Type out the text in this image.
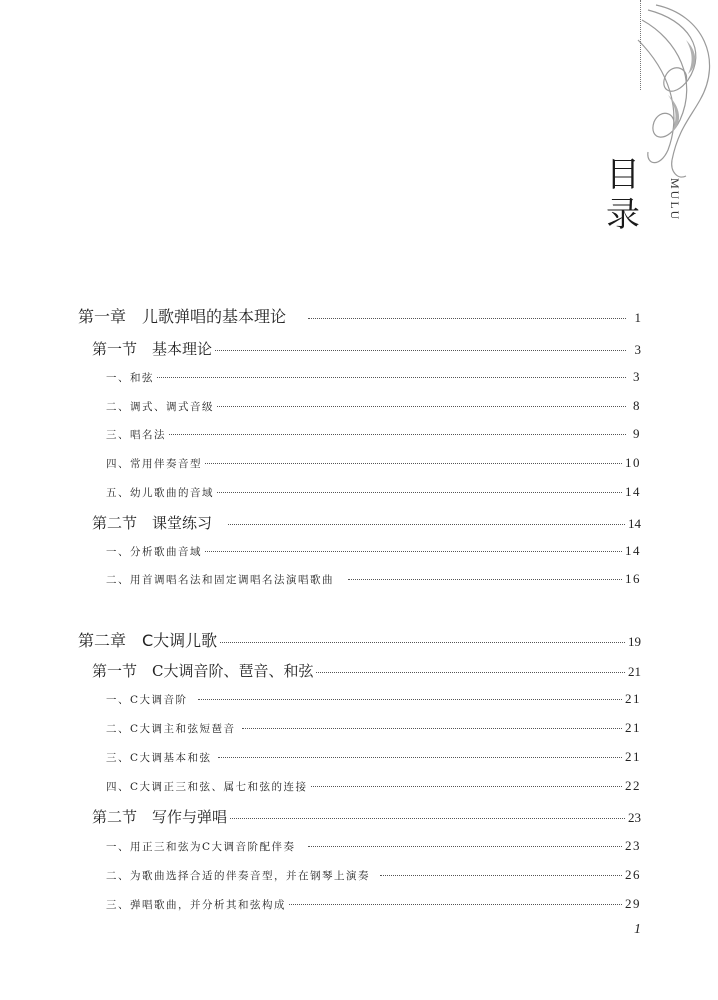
目
录 MULU
第一章　儿歌弹唱的基本理论	1
第一节　基本理论	3
一、和弦	3
二、调式、调式音级	8
三、唱名法	9
四、常用伴奏音型	10
五、幼儿歌曲的音域	14
第二节　课堂练习	14
一、分析歌曲音域	14
二、用首调唱名法和固定调唱名法演唱歌曲	16
第二章　C大调儿歌	19
第一节　C大调音阶、琶音、和弦	21
一、C大调音阶	21
二、C大调主和弦短琶音	21
三、C大调基本和弦	21
四、C大调正三和弦、属七和弦的连接	22
第二节　写作与弹唱	23
一、用正三和弦为C大调音阶配伴奏	23
二、为歌曲选择合适的伴奏音型，并在钢琴上演奏	26
三、弹唱歌曲，并分析其和弦构成	29
1
